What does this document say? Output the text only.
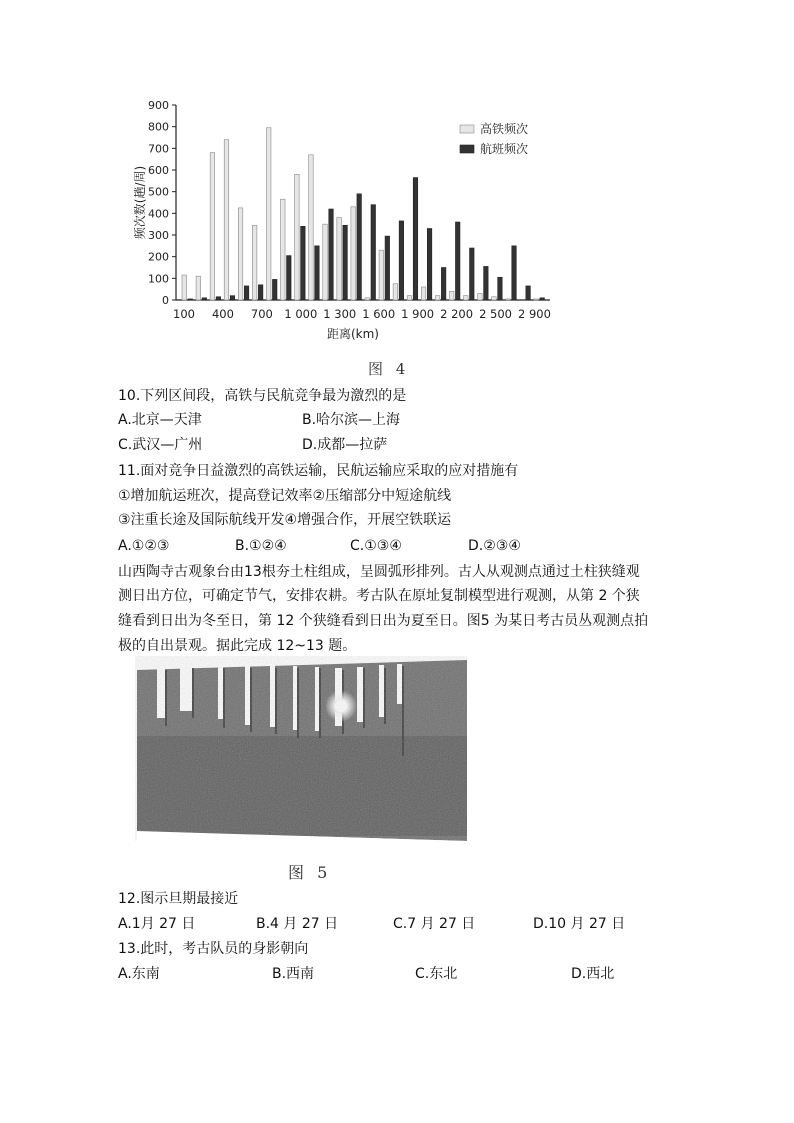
0
100
200
300
400
500
600
700
800
900
频次数(趟/周)
100 400 700 1 000 1 300 1 600 1 900 2 200 2 500 2 900
距离(km)
高铁频次
航班频次
图 4
10.下列区间段，高铁与民航竞争最为激烈的是
A.北京—天津	B.哈尔滨—上海
C.武汉—广州	D.成都—拉萨
11.面对竞争日益激烈的高铁运输，民航运输应采取的应对措施有
①增加航运班次，提高登记效率②压缩部分中短途航线
③注重长途及国际航线开发④增强合作，开展空铁联运
A.①②③	B.①②④	C.①③④	D.②③④
山西陶寺古观象台由13根夯土柱组成，呈圆弧形排列。古人从观测点通过土柱狭缝观
测日出方位，可确定节气，安排农耕。考古队在原址复制模型进行观测，从第 2 个狭
缝看到日出为冬至日，第 12 个狭缝看到日出为夏至日。图5 为某日考古员丛观测点拍
极的自出景观。据此完成 12~13 题。
图 5
12.图示旦期最接近
A.1月 27 日	B.4 月 27 日	C.7 月 27 日	D.10 月 27 日
13.此时，考古队员的身影朝向
A.东南	B.西南	C.东北	D.西北
